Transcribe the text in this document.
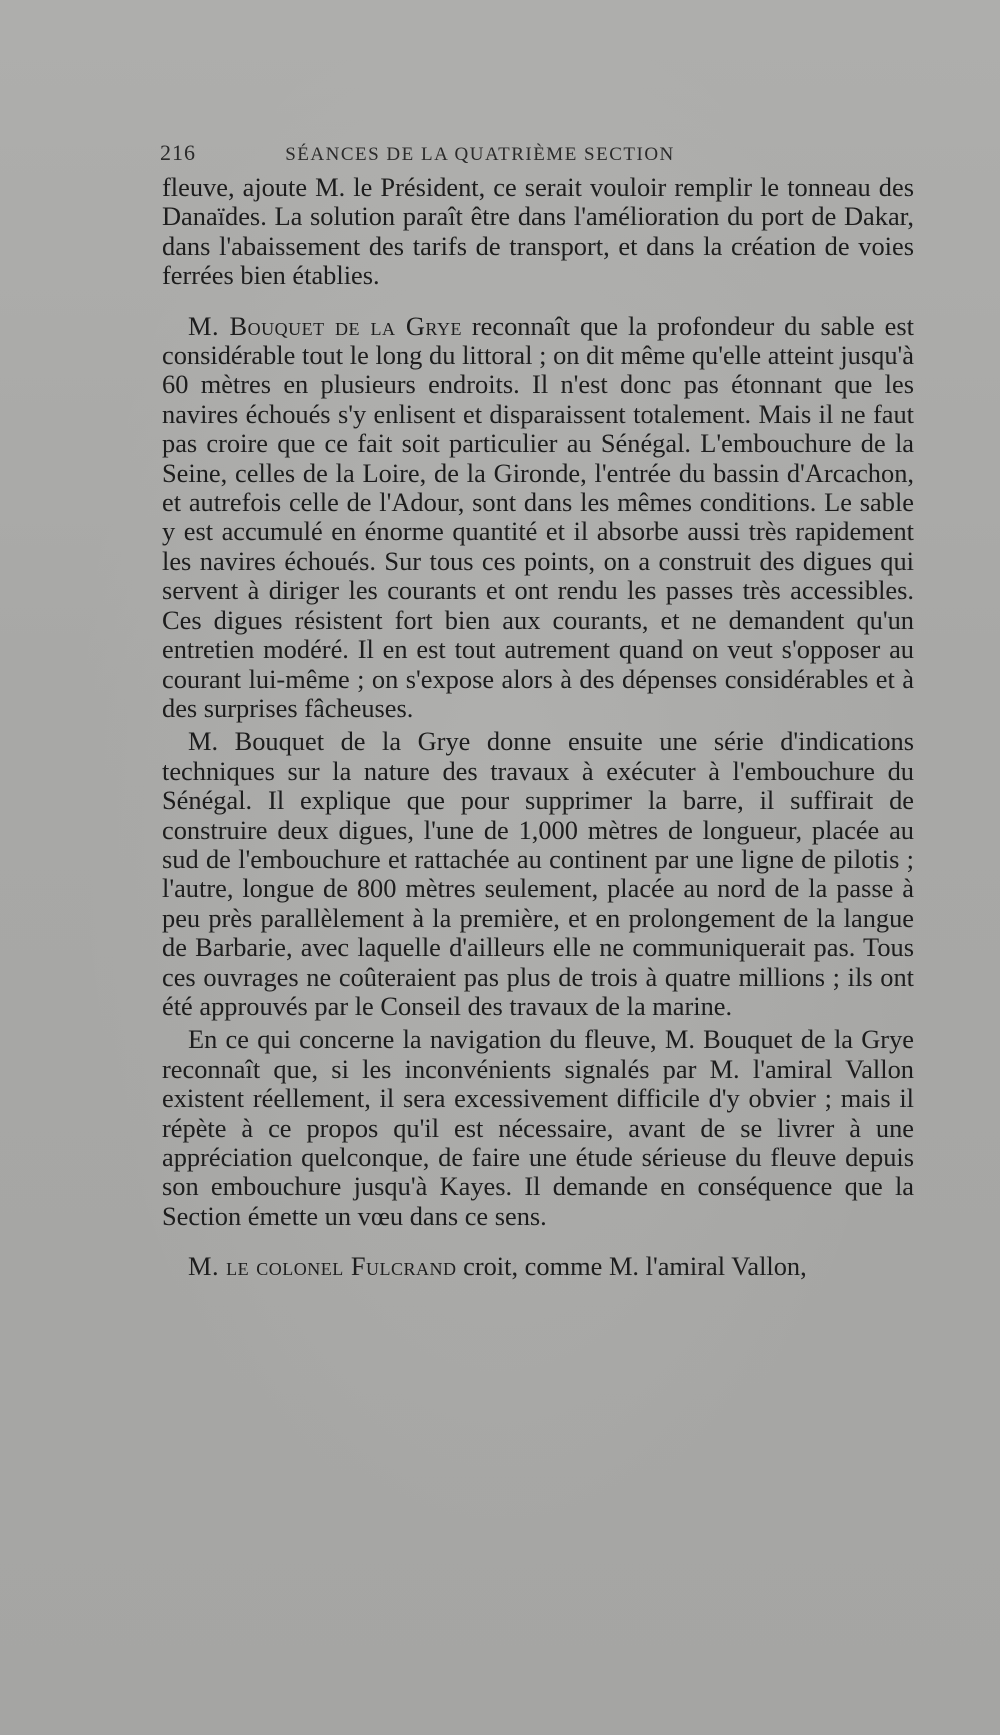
216	SÉANCES DE LA QUATRIÈME SECTION

fleuve, ajoute M. le Président, ce serait vouloir remplir le tonneau des Danaïdes. La solution paraît être dans l'amélioration du port de Dakar, dans l'abaissement des tarifs de transport, et dans la création de voies ferrées bien établies.

M. Bouquet de la Grye reconnaît que la profondeur du sable est considérable tout le long du littoral ; on dit même qu'elle atteint jusqu'à 60 mètres en plusieurs endroits. Il n'est donc pas étonnant que les navires échoués s'y enlisent et disparaissent totalement. Mais il ne faut pas croire que ce fait soit particulier au Sénégal. L'embouchure de la Seine, celles de la Loire, de la Gironde, l'entrée du bassin d'Arcachon, et autrefois celle de l'Adour, sont dans les mêmes conditions. Le sable y est accumulé en énorme quantité et il absorbe aussi très rapidement les navires échoués. Sur tous ces points, on a construit des digues qui servent à diriger les courants et ont rendu les passes très accessibles. Ces digues résistent fort bien aux courants, et ne demandent qu'un entretien modéré. Il en est tout autrement quand on veut s'opposer au courant lui-même ; on s'expose alors à des dépenses considérables et à des surprises fâcheuses.

M. Bouquet de la Grye donne ensuite une série d'indications techniques sur la nature des travaux à exécuter à l'embouchure du Sénégal. Il explique que pour supprimer la barre, il suffirait de construire deux digues, l'une de 1,000 mètres de longueur, placée au sud de l'embouchure et rattachée au continent par une ligne de pilotis ; l'autre, longue de 800 mètres seulement, placée au nord de la passe à peu près parallèlement à la première, et en prolongement de la langue de Barbarie, avec laquelle d'ailleurs elle ne communiquerait pas. Tous ces ouvrages ne coûteraient pas plus de trois à quatre millions ; ils ont été approuvés par le Conseil des travaux de la marine.

En ce qui concerne la navigation du fleuve, M. Bouquet de la Grye reconnaît que, si les inconvénients signalés par M. l'amiral Vallon existent réellement, il sera excessivement difficile d'y obvier ; mais il répète à ce propos qu'il est nécessaire, avant de se livrer à une appréciation quelconque, de faire une étude sérieuse du fleuve depuis son embouchure jusqu'à Kayes. Il demande en conséquence que la Section émette un vœu dans ce sens.

M. le colonel Fulcrand croit, comme M. l'amiral Vallon,
